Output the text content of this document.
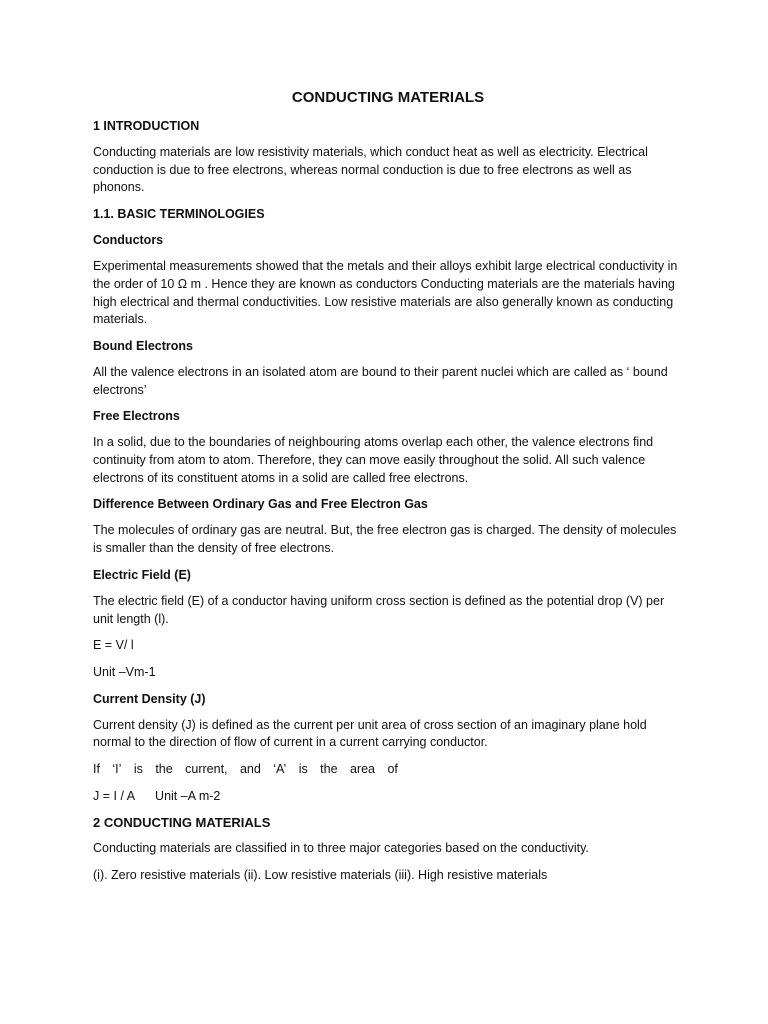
CONDUCTING MATERIALS
1 INTRODUCTION
Conducting materials are low resistivity materials, which conduct heat as well as electricity. Electrical conduction is due to free electrons, whereas normal conduction is due to free electrons as well as phonons.
1.1. BASIC TERMINOLOGIES
Conductors
Experimental measurements showed that the metals and their alloys exhibit large electrical conductivity in the order of 10 Ω m . Hence they are known as conductors Conducting materials are the materials having high electrical and thermal conductivities. Low resistive materials are also generally known as conducting materials.
Bound Electrons
All the valence electrons in an isolated atom are bound to their parent nuclei which are called as ‘ bound electrons’
Free Electrons
In a solid, due to the boundaries of neighbouring atoms overlap each other, the valence electrons find continuity from atom to atom. Therefore, they can move easily throughout the solid. All such valence electrons of its constituent atoms in a solid are called free electrons.
Difference Between Ordinary Gas and Free Electron Gas
The molecules of ordinary gas are neutral. But, the free electron gas is charged. The density of molecules is smaller than the density of free electrons.
Electric Field (E)
The electric field (E) of a conductor having uniform cross section is defined as the potential drop (V) per unit length (l).
E = V/ l
Unit –Vm-1
Current Density (J)
Current density (J) is defined as the current per unit area of cross section of an imaginary plane hold normal to the direction of flow of current in a current carrying conductor.
If ‘I’ is the current, and ‘A’ is the area of
J = I / A Unit –A m-2
2 CONDUCTING MATERIALS
Conducting materials are classified in to three major categories based on the conductivity.
(i). Zero resistive materials (ii). Low resistive materials (iii). High resistive materials
